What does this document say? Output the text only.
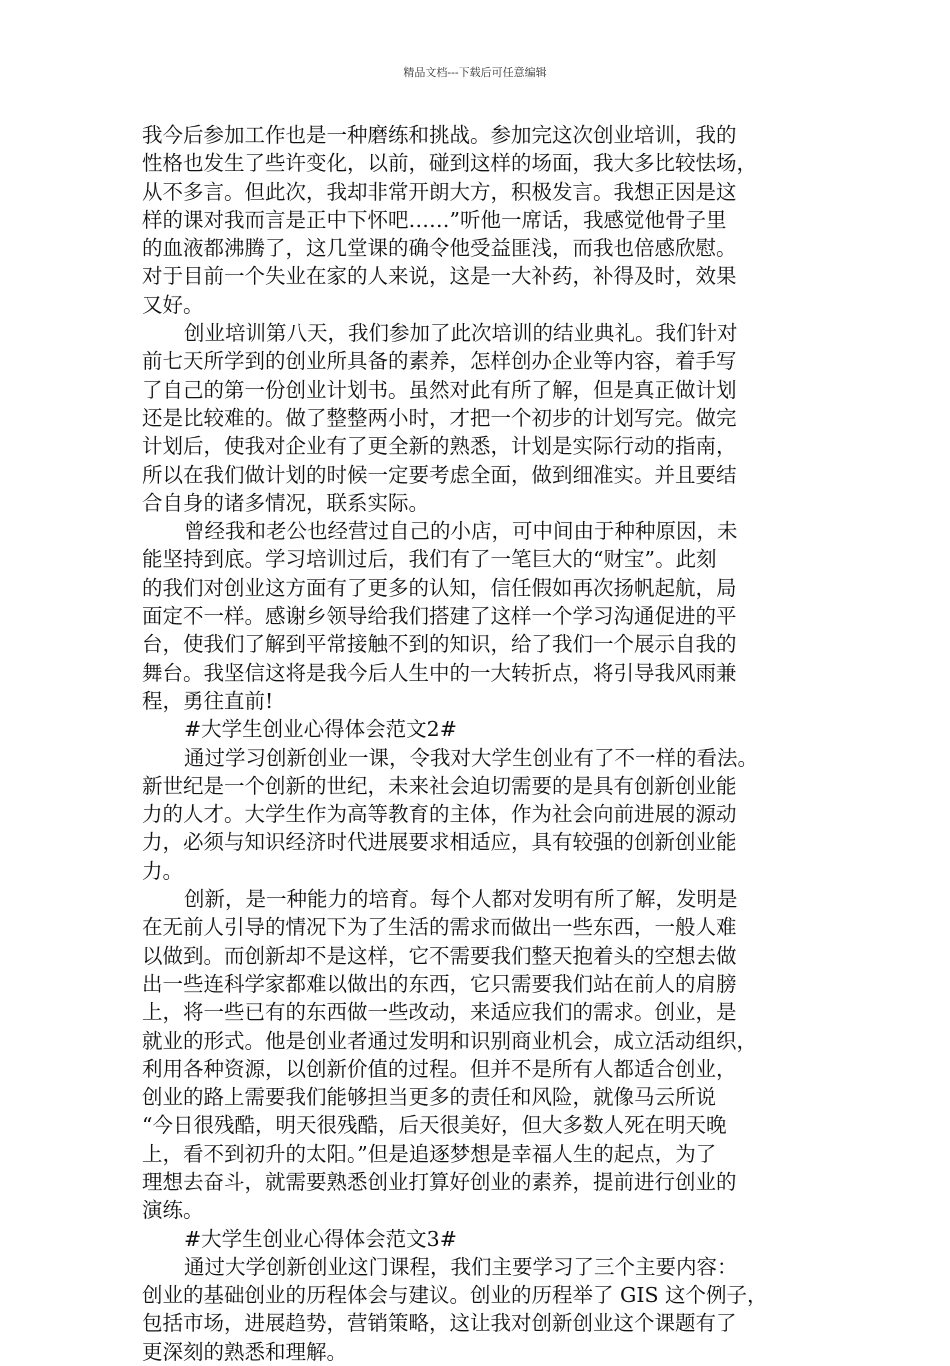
精品文档---下载后可任意编辑
我今后参加工作也是一种磨练和挑战。参加完这次创业培训，我的
性格也发生了些许变化，以前，碰到这样的场面，我大多比较怯场，
从不多言。但此次，我却非常开朗大方，积极发言。我想正因是这
样的课对我而言是正中下怀吧……”听他一席话，我感觉他骨子里
的血液都沸腾了，这几堂课的确令他受益匪浅，而我也倍感欣慰。
对于目前一个失业在家的人来说，这是一大补药，补得及时，效果
又好。
创业培训第八天，我们参加了此次培训的结业典礼。我们针对
前七天所学到的创业所具备的素养，怎样创办企业等内容，着手写
了自己的第一份创业计划书。虽然对此有所了解，但是真正做计划
还是比较难的。做了整整两小时，才把一个初步的计划写完。做完
计划后，使我对企业有了更全新的熟悉，计划是实际行动的指南，
所以在我们做计划的时候一定要考虑全面，做到细准实。并且要结
合自身的诸多情况，联系实际。
曾经我和老公也经营过自己的小店，可中间由于种种原因，未
能坚持到底。学习培训过后，我们有了一笔巨大的“财宝”。此刻
的我们对创业这方面有了更多的认知，信任假如再次扬帆起航，局
面定不一样。感谢乡领导给我们搭建了这样一个学习沟通促进的平
台，使我们了解到平常接触不到的知识，给了我们一个展示自我的
舞台。我坚信这将是我今后人生中的一大转折点，将引导我风雨兼
程，勇往直前!
#大学生创业心得体会范文2#
通过学习创新创业一课，令我对大学生创业有了不一样的看法。
新世纪是一个创新的世纪，未来社会迫切需要的是具有创新创业能
力的人才。大学生作为高等教育的主体，作为社会向前进展的源动
力，必须与知识经济时代进展要求相适应，具有较强的创新创业能
力。
创新，是一种能力的培育。每个人都对发明有所了解，发明是
在无前人引导的情况下为了生活的需求而做出一些东西，一般人难
以做到。而创新却不是这样，它不需要我们整天抱着头的空想去做
出一些连科学家都难以做出的东西，它只需要我们站在前人的肩膀
上，将一些已有的东西做一些改动，来适应我们的需求。创业，是
就业的形式。他是创业者通过发明和识别商业机会，成立活动组织，
利用各种资源，以创新价值的过程。但并不是所有人都适合创业，
创业的路上需要我们能够担当更多的责任和风险，就像马云所说
“今日很残酷，明天很残酷，后天很美好，但大多数人死在明天晚
上，看不到初升的太阳。”但是追逐梦想是幸福人生的起点，为了
理想去奋斗，就需要熟悉创业打算好创业的素养，提前进行创业的
演练。
#大学生创业心得体会范文3#
通过大学创新创业这门课程，我们主要学习了三个主要内容：
创业的基础创业的历程体会与建议。创业的历程举了 GIS 这个例子，
包括市场，进展趋势，营销策略，这让我对创新创业这个课题有了
更深刻的熟悉和理解。
